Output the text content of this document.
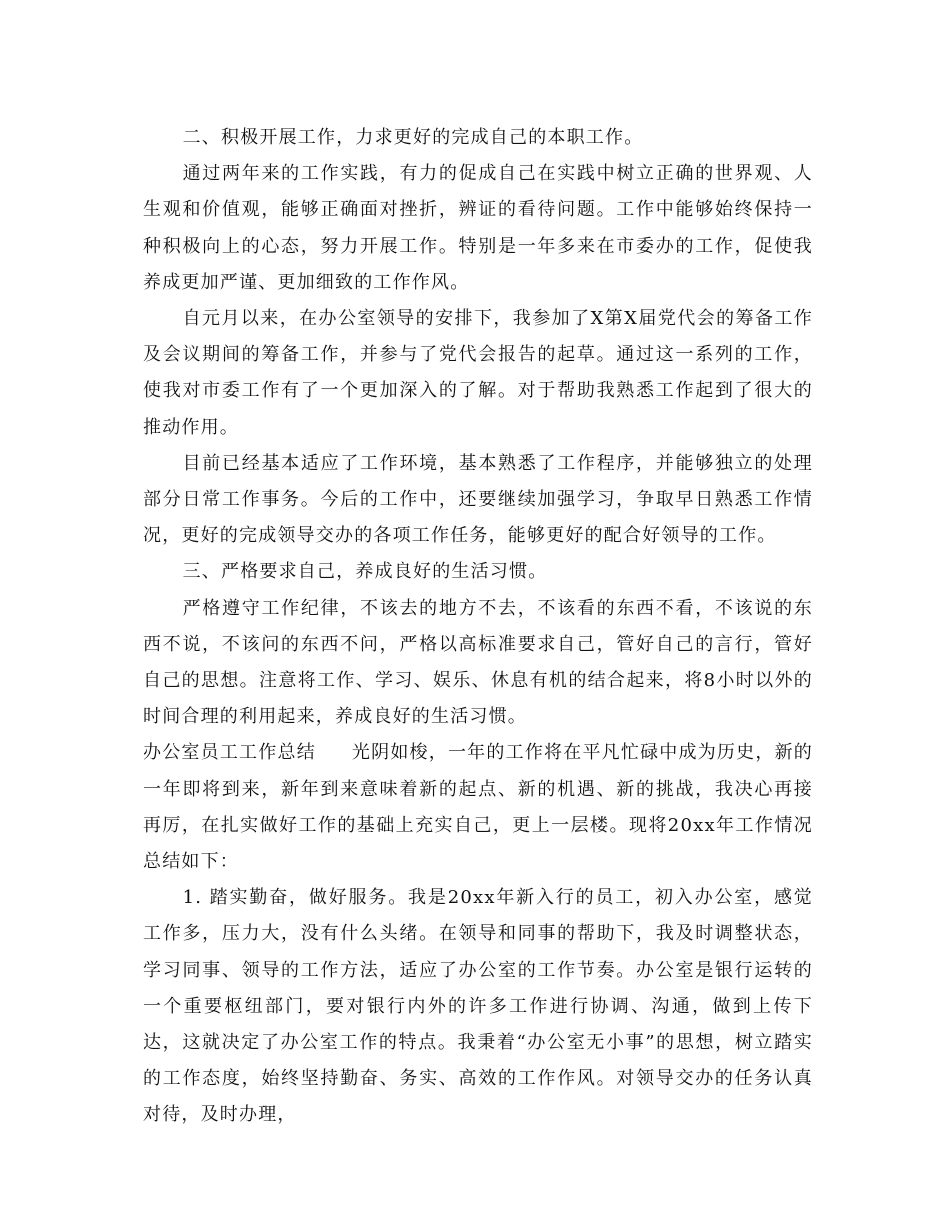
二、积极开展工作，力求更好的完成自己的本职工作。

通过两年来的工作实践，有力的促成自己在实践中树立正确的世界观、人生观和价值观，能够正确面对挫折，辨证的看待问题。工作中能够始终保持一种积极向上的心态，努力开展工作。特别是一年多来在市委办的工作，促使我养成更加严谨、更加细致的工作作风。

自元月以来，在办公室领导的安排下，我参加了X第X届党代会的筹备工作及会议期间的筹备工作，并参与了党代会报告的起草。通过这一系列的工作，使我对市委工作有了一个更加深入的了解。对于帮助我熟悉工作起到了很大的推动作用。

目前已经基本适应了工作环境，基本熟悉了工作程序，并能够独立的处理部分日常工作事务。今后的工作中，还要继续加强学习，争取早日熟悉工作情况，更好的完成领导交办的各项工作任务，能够更好的配合好领导的工作。

三、严格要求自己，养成良好的生活习惯。

严格遵守工作纪律，不该去的地方不去，不该看的东西不看，不该说的东西不说，不该问的东西不问，严格以高标准要求自己，管好自己的言行，管好自己的思想。注意将工作、学习、娱乐、休息有机的结合起来，将8小时以外的时间合理的利用起来，养成良好的生活习惯。

办公室员工工作总结 光阴如梭，一年的工作将在平凡忙碌中成为历史，新的一年即将到来，新年到来意味着新的起点、新的机遇、新的挑战，我决心再接再厉，在扎实做好工作的基础上充实自己，更上一层楼。现将20xx年工作情况总结如下：

1. 踏实勤奋，做好服务。我是20xx年新入行的员工，初入办公室，感觉工作多，压力大，没有什么头绪。在领导和同事的帮助下，我及时调整状态，学习同事、领导的工作方法，适应了办公室的工作节奏。办公室是银行运转的一个重要枢纽部门，要对银行内外的许多工作进行协调、沟通，做到上传下达，这就决定了办公室工作的特点。我秉着“办公室无小事”的思想，树立踏实的工作态度，始终坚持勤奋、务实、高效的工作作风。对领导交办的任务认真对待，及时办理，
